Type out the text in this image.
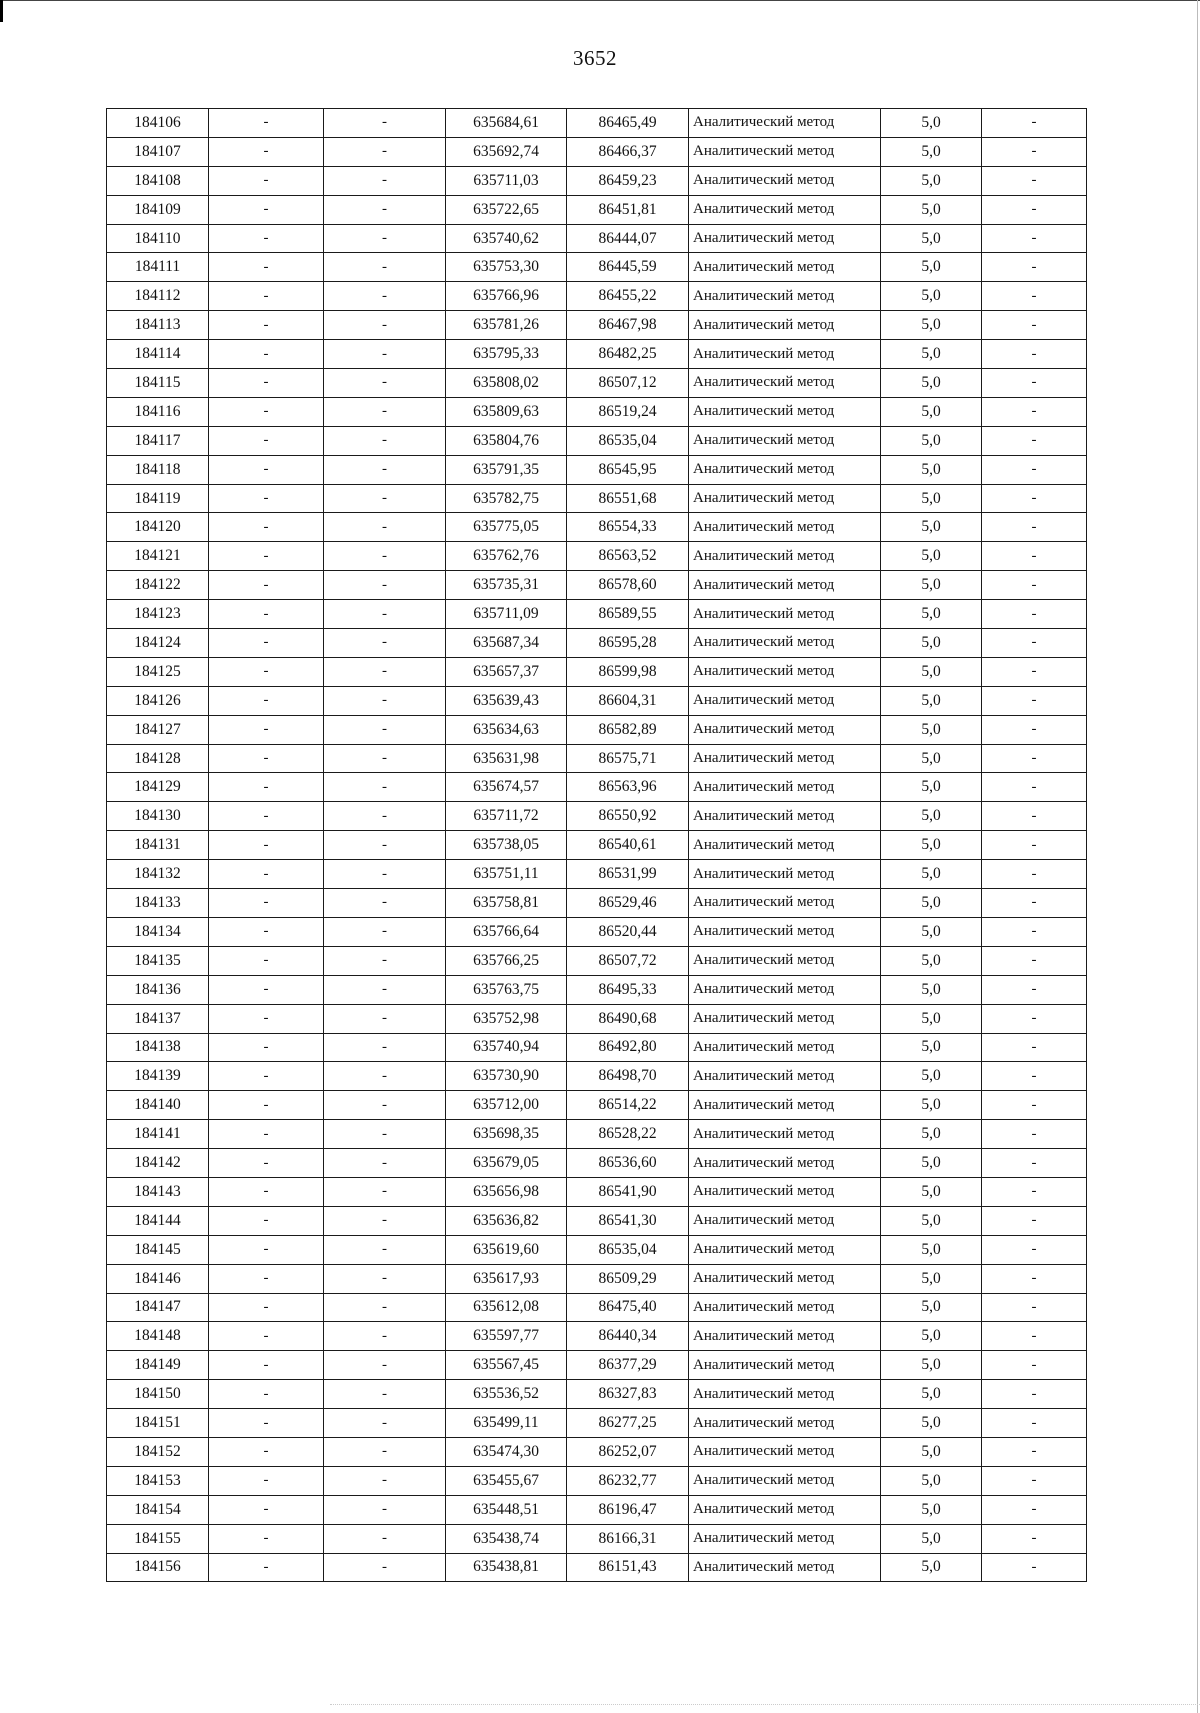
3652
184106	-	-	635684,61	86465,49	Аналитический метод	5,0	-
184107	-	-	635692,74	86466,37	Аналитический метод	5,0	-
184108	-	-	635711,03	86459,23	Аналитический метод	5,0	-
184109	-	-	635722,65	86451,81	Аналитический метод	5,0	-
184110	-	-	635740,62	86444,07	Аналитический метод	5,0	-
184111	-	-	635753,30	86445,59	Аналитический метод	5,0	-
184112	-	-	635766,96	86455,22	Аналитический метод	5,0	-
184113	-	-	635781,26	86467,98	Аналитический метод	5,0	-
184114	-	-	635795,33	86482,25	Аналитический метод	5,0	-
184115	-	-	635808,02	86507,12	Аналитический метод	5,0	-
184116	-	-	635809,63	86519,24	Аналитический метод	5,0	-
184117	-	-	635804,76	86535,04	Аналитический метод	5,0	-
184118	-	-	635791,35	86545,95	Аналитический метод	5,0	-
184119	-	-	635782,75	86551,68	Аналитический метод	5,0	-
184120	-	-	635775,05	86554,33	Аналитический метод	5,0	-
184121	-	-	635762,76	86563,52	Аналитический метод	5,0	-
184122	-	-	635735,31	86578,60	Аналитический метод	5,0	-
184123	-	-	635711,09	86589,55	Аналитический метод	5,0	-
184124	-	-	635687,34	86595,28	Аналитический метод	5,0	-
184125	-	-	635657,37	86599,98	Аналитический метод	5,0	-
184126	-	-	635639,43	86604,31	Аналитический метод	5,0	-
184127	-	-	635634,63	86582,89	Аналитический метод	5,0	-
184128	-	-	635631,98	86575,71	Аналитический метод	5,0	-
184129	-	-	635674,57	86563,96	Аналитический метод	5,0	-
184130	-	-	635711,72	86550,92	Аналитический метод	5,0	-
184131	-	-	635738,05	86540,61	Аналитический метод	5,0	-
184132	-	-	635751,11	86531,99	Аналитический метод	5,0	-
184133	-	-	635758,81	86529,46	Аналитический метод	5,0	-
184134	-	-	635766,64	86520,44	Аналитический метод	5,0	-
184135	-	-	635766,25	86507,72	Аналитический метод	5,0	-
184136	-	-	635763,75	86495,33	Аналитический метод	5,0	-
184137	-	-	635752,98	86490,68	Аналитический метод	5,0	-
184138	-	-	635740,94	86492,80	Аналитический метод	5,0	-
184139	-	-	635730,90	86498,70	Аналитический метод	5,0	-
184140	-	-	635712,00	86514,22	Аналитический метод	5,0	-
184141	-	-	635698,35	86528,22	Аналитический метод	5,0	-
184142	-	-	635679,05	86536,60	Аналитический метод	5,0	-
184143	-	-	635656,98	86541,90	Аналитический метод	5,0	-
184144	-	-	635636,82	86541,30	Аналитический метод	5,0	-
184145	-	-	635619,60	86535,04	Аналитический метод	5,0	-
184146	-	-	635617,93	86509,29	Аналитический метод	5,0	-
184147	-	-	635612,08	86475,40	Аналитический метод	5,0	-
184148	-	-	635597,77	86440,34	Аналитический метод	5,0	-
184149	-	-	635567,45	86377,29	Аналитический метод	5,0	-
184150	-	-	635536,52	86327,83	Аналитический метод	5,0	-
184151	-	-	635499,11	86277,25	Аналитический метод	5,0	-
184152	-	-	635474,30	86252,07	Аналитический метод	5,0	-
184153	-	-	635455,67	86232,77	Аналитический метод	5,0	-
184154	-	-	635448,51	86196,47	Аналитический метод	5,0	-
184155	-	-	635438,74	86166,31	Аналитический метод	5,0	-
184156	-	-	635438,81	86151,43	Аналитический метод	5,0	-
